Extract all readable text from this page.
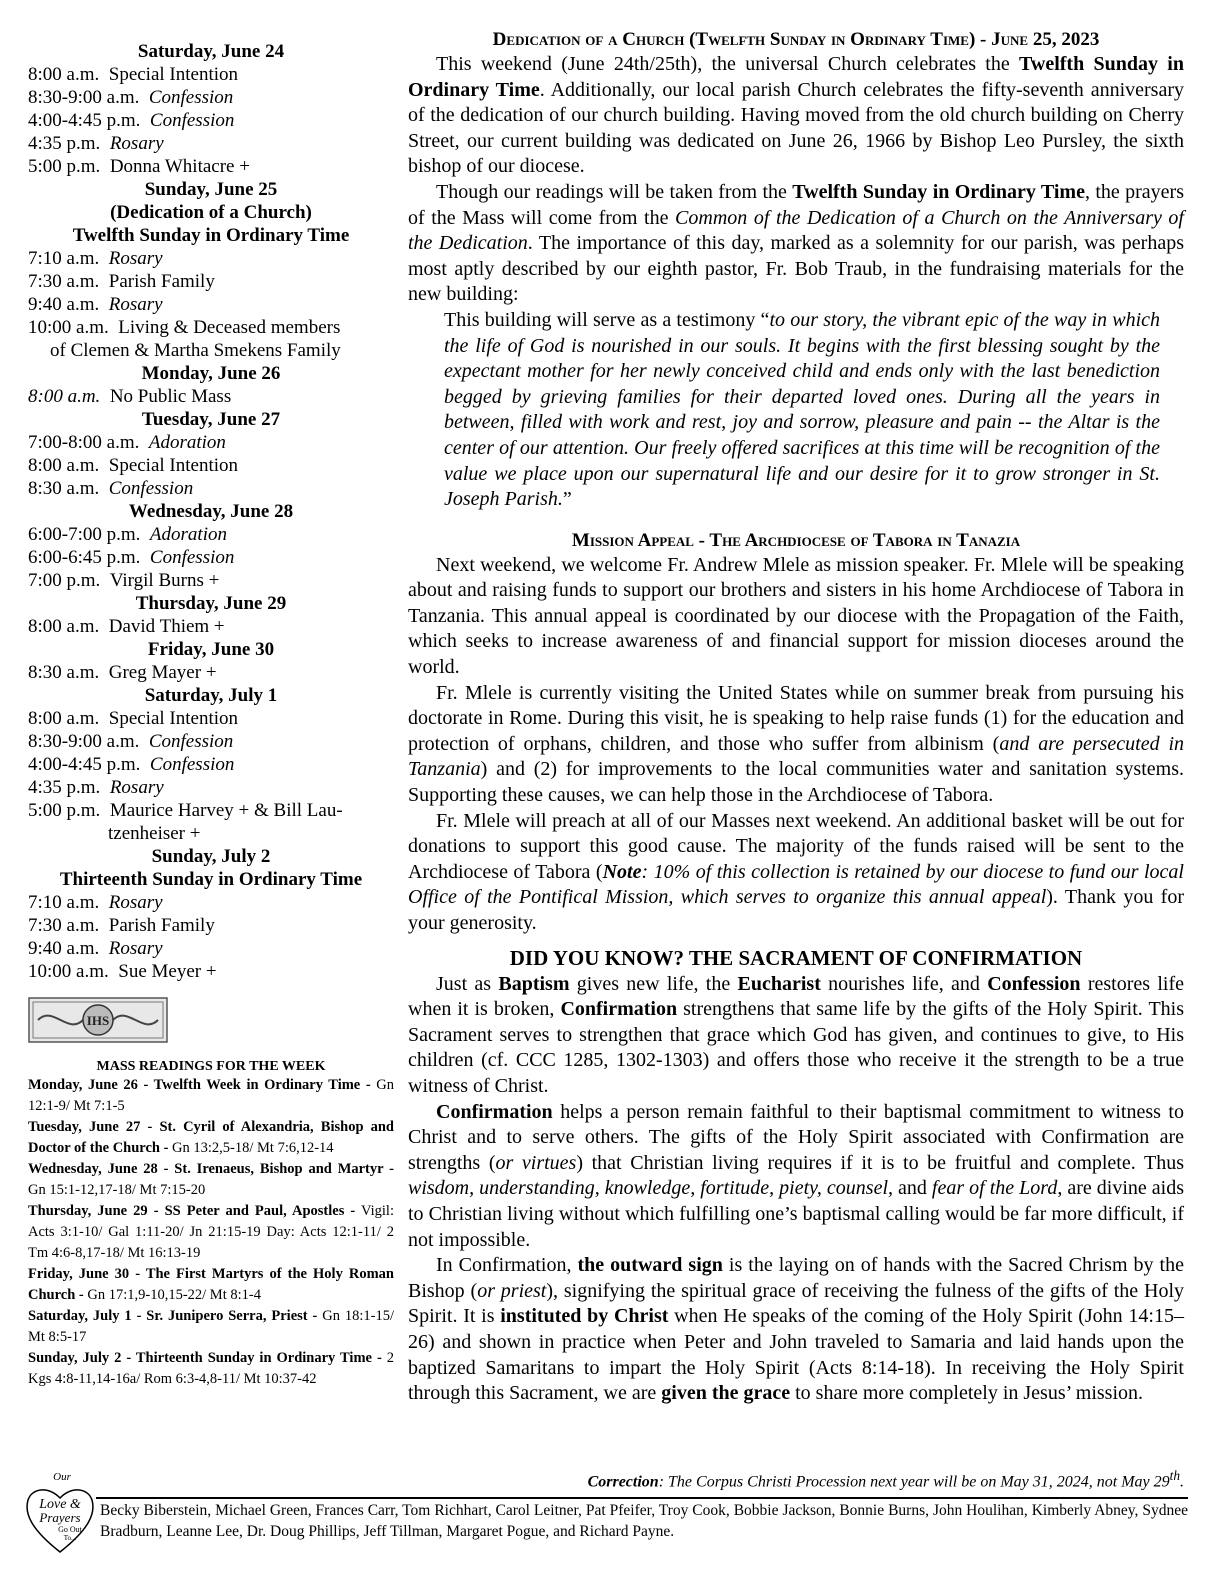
Saturday, June 24
8:00 a.m. Special Intention
8:30-9:00 a.m. Confession
4:00-4:45 p.m. Confession
4:35 p.m. Rosary
5:00 p.m. Donna Whitacre +
Sunday, June 25
(Dedication of a Church)
Twelfth Sunday in Ordinary Time
7:10 a.m. Rosary
7:30 a.m. Parish Family
9:40 a.m. Rosary
10:00 a.m. Living & Deceased members
of Clemen & Martha Smekens Family
Monday, June 26
8:00 a.m. No Public Mass
Tuesday, June 27
7:00-8:00 a.m. Adoration
8:00 a.m. Special Intention
8:30 a.m. Confession
Wednesday, June 28
6:00-7:00 p.m. Adoration
6:00-6:45 p.m. Confession
7:00 p.m. Virgil Burns +
Thursday, June 29
8:00 a.m. David Thiem +
Friday, June 30
8:30 a.m. Greg Mayer +
Saturday, July 1
8:00 a.m. Special Intention
8:30-9:00 a.m. Confession
4:00-4:45 p.m. Confession
4:35 p.m. Rosary
5:00 p.m. Maurice Harvey + & Bill Lau-
tzenheiser +
Sunday, July 2
Thirteenth Sunday in Ordinary Time
7:10 a.m. Rosary
7:30 a.m. Parish Family
9:40 a.m. Rosary
10:00 a.m. Sue Meyer +
IHS
MASS READINGS FOR THE WEEK
Monday, June 26 - Twelfth Week in Ordinary Time - Gn 12:1-9/ Mt 7:1-5
Tuesday, June 27 - St. Cyril of Alexandria, Bishop and Doctor of the Church - Gn 13:2,5-18/ Mt 7:6,12-14
Wednesday, June 28 - St. Irenaeus, Bishop and Martyr - Gn 15:1-12,17-18/ Mt 7:15-20
Thursday, June 29 - SS Peter and Paul, Apostles - Vigil: Acts 3:1-10/ Gal 1:11-20/ Jn 21:15-19 Day: Acts 12:1-11/ 2 Tm 4:6-8,17-18/ Mt 16:13-19
Friday, June 30 - The First Martyrs of the Holy Roman Church - Gn 17:1,9-10,15-22/ Mt 8:1-4
Saturday, July 1 - Sr. Junipero Serra, Priest - Gn 18:1-15/ Mt 8:5-17
Sunday, July 2 - Thirteenth Sunday in Ordinary Time - 2 Kgs 4:8-11,14-16a/ Rom 6:3-4,8-11/ Mt 10:37-42
Dedication of a Church (Twelfth Sunday in Ordinary Time) - June 25, 2023

This weekend (June 24th/25th), the universal Church celebrates the Twelfth Sunday in Ordinary Time. Additionally, our local parish Church celebrates the fifty-seventh anniversary of the dedication of our church building. Having moved from the old church building on Cherry Street, our current building was dedicated on June 26, 1966 by Bishop Leo Pursley, the sixth bishop of our diocese.

Though our readings will be taken from the Twelfth Sunday in Ordinary Time, the prayers of the Mass will come from the Common of the Dedication of a Church on the Anniversary of the Dedication. The importance of this day, marked as a solemnity for our parish, was perhaps most aptly described by our eighth pastor, Fr. Bob Traub, in the fundraising materials for the new building:

This building will serve as a testimony “to our story, the vibrant epic of the way in which the life of God is nourished in our souls. It begins with the first blessing sought by the expectant mother for her newly conceived child and ends only with the last benediction begged by grieving families for their departed loved ones. During all the years in between, filled with work and rest, joy and sorrow, pleasure and pain -- the Altar is the center of our attention. Our freely offered sacrifices at this time will be recognition of the value we place upon our supernatural life and our desire for it to grow stronger in St. Joseph Parish.”

Mission Appeal - The Archdiocese of Tabora in Tanazia

Next weekend, we welcome Fr. Andrew Mlele as mission speaker. Fr. Mlele will be speaking about and raising funds to support our brothers and sisters in his home Archdiocese of Tabora in Tanzania. This annual appeal is coordinated by our diocese with the Propagation of the Faith, which seeks to increase awareness of and financial support for mission dioceses around the world.

Fr. Mlele is currently visiting the United States while on summer break from pursuing his doctorate in Rome. During this visit, he is speaking to help raise funds (1) for the education and protection of orphans, children, and those who suffer from albinism (and are persecuted in Tanzania) and (2) for improvements to the local communities water and sanitation systems. Supporting these causes, we can help those in the Archdiocese of Tabora.

Fr. Mlele will preach at all of our Masses next weekend. An additional basket will be out for donations to support this good cause. The majority of the funds raised will be sent to the Archdiocese of Tabora (Note: 10% of this collection is retained by our diocese to fund our local Office of the Pontifical Mission, which serves to organize this annual appeal). Thank you for your generosity.

DID YOU KNOW? THE SACRAMENT OF CONFIRMATION

Just as Baptism gives new life, the Eucharist nourishes life, and Confession restores life when it is broken, Confirmation strengthens that same life by the gifts of the Holy Spirit. This Sacrament serves to strengthen that grace which God has given, and continues to give, to His children (cf. CCC 1285, 1302-1303) and offers those who receive it the strength to be a true witness of Christ.

Confirmation helps a person remain faithful to their baptismal commitment to witness to Christ and to serve others. The gifts of the Holy Spirit associated with Confirmation are strengths (or virtues) that Christian living requires if it is to be fruitful and complete. Thus wisdom, understanding, knowledge, fortitude, piety, counsel, and fear of the Lord, are divine aids to Christian living without which fulfilling one’s baptismal calling would be far more difficult, if not impossible.

In Confirmation, the outward sign is the laying on of hands with the Sacred Chrism by the Bishop (or priest), signifying the spiritual grace of receiving the fulness of the gifts of the Holy Spirit. It is instituted by Christ when He speaks of the coming of the Holy Spirit (John 14:15–26) and shown in practice when Peter and John traveled to Samaria and laid hands upon the baptized Samaritans to impart the Holy Spirit (Acts 8:14-18). In receiving the Holy Spirit through this Sacrament, we are given the grace to share more completely in Jesus’ mission.

Correction: The Corpus Christi Procession next year will be on May 31, 2024, not May 29th.
Our
Love &
Prayers
Go Out
To...
Becky Biberstein, Michael Green, Frances Carr, Tom Richhart, Carol Leitner, Pat Pfeifer, Troy Cook, Bobbie Jackson, Bonnie Burns, John Houlihan, Kimberly Abney, Sydnee Bradburn, Leanne Lee, Dr. Doug Phillips, Jeff Tillman, Margaret Pogue, and Richard Payne.
